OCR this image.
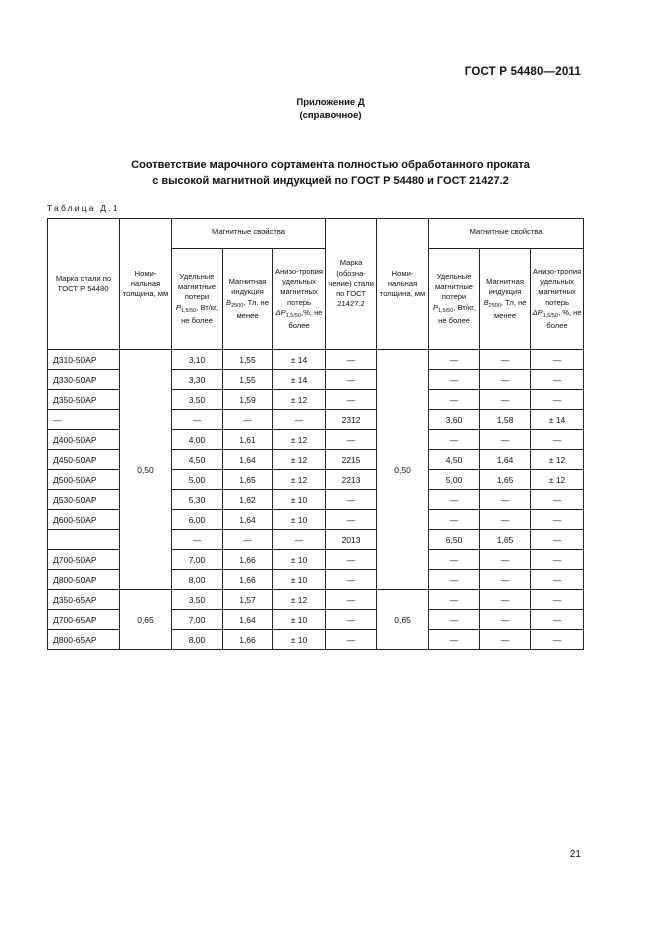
ГОСТ Р 54480—2011
Приложение Д
(справочное)
Соответствие марочного сортамента полностью обработанного проката
с высокой магнитной индукцией по ГОСТ Р 54480 и ГОСТ 21427.2
Таблица Д.1
Марка стали по ГОСТ Р 54480	Номи-нальная толщина, мм	Магнитные свойства			Марка (обозна-чение) стали по ГОСТ 21427.2	Номи-нальная толщина, мм	Магнитные свойства		
		Удельные магнитные потери $P_{1,5/50}$, Вт/кг, не более	Магнитная индукция $B_{2500}$, Тл, не менее	Анизо-тропия удельных магнитных потерь $\Delta P_{1,5/50},\%$, не более			Удельные магнитные потери $P_{1,5/50}$, Вт/кг, не более	Магнитная индукция $B_{2500}$, Тл, не менее	Анизо-тропия удельных магнитных потерь $\Delta P_{1,5/50}$, %, не более
Д310-50АР	0,50	3,10	1,55	± 14	—	0,50	—	—	—
Д330-50АР		3,30	1,55	± 14	—		—	—	—
Д350-50АР		3,50	1,59	± 12	—		—	—	—
—		—	—	—	2312		3,60	1,58	± 14
Д400-50АР		4,00	1,61	± 12	—		—	—	—
Д450-50АР		4,50	1,64	± 12	2215		4,50	1,64	± 12
Д500-50АР		5,00	1,65	± 12	2213		5,00	1,65	± 12
Д530-50АР		5,30	1,62	± 10	—		—	—	—
Д600-50АР		6,00	1,64	± 10	—		—	—	—
		—	—	—	2013		6,50	1,65	—
Д700-50АР		7,00	1,66	± 10	—		—	—	—
Д800-50АР		8,00	1,66	± 10	—		—	—	—
Д350-65АР	0,65	3,50	1,57	± 12	—	0,65	—	—	—
Д700-65АР		7,00	1,64	± 10	—		—	—	—
Д800-65АР		8,00	1,66	± 10	—		—	—	—
21
